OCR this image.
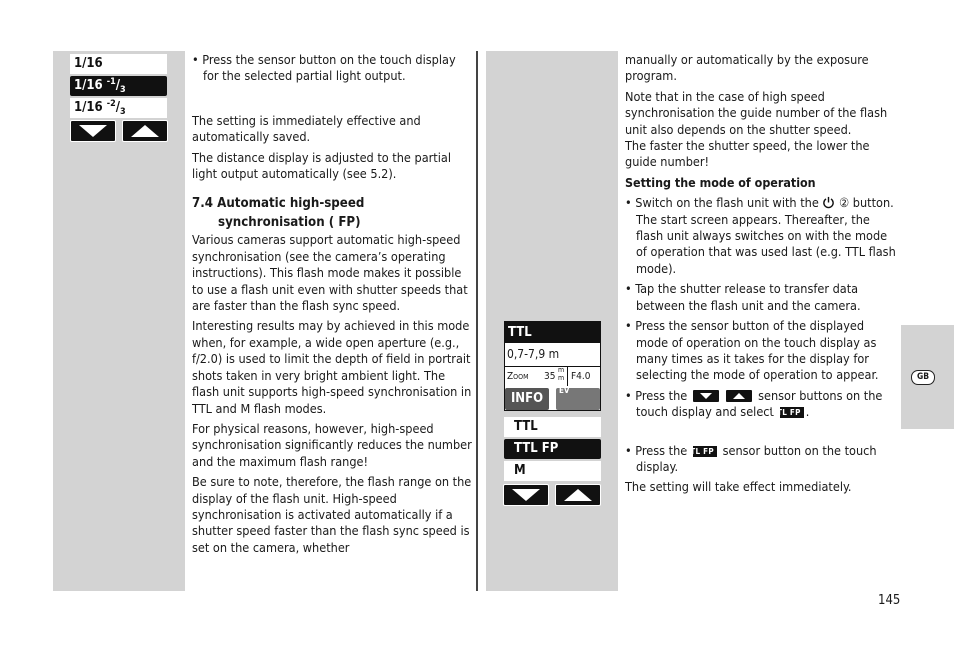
1/16
1/16 $^{-1}/_3$
1/16 $^{-2}/_3$

• Press the sensor button on the touch display for the selected partial light output.

The setting is immediately effective and automatically saved.

The distance display is adjusted to the partial light output automatically (see 5.2).

7.4 Automatic high-speed
synchronisation ( FP)

Various cameras support automatic high-speed synchronisation (see the camera’s operating instructions). This flash mode makes it possible to use a flash unit even with shutter speeds that are faster than the flash sync speed.

Interesting results may by achieved in this mode when, for example, a wide open aperture (e.g., f/2.0) is used to limit the depth of field in portrait shots taken in very bright ambient light. The flash unit supports high-speed synchronisation in TTL and M flash modes.

For physical reasons, however, high-speed synchronisation significantly reduces the number and the maximum flash range!

Be sure to note, therefore, the flash range on the display of the flash unit. High-speed synchronisation is activated automatically if a shutter speed faster than the flash sync speed is set on the camera, whether

TTL
0,7-7,9 m
Zoom 35
m
m F4.0
INFO
EV
TTL
TTL FP
M

manually or automatically by the exposure program.

Note that in the case of high speed synchronisation the guide number of the flash unit also depends on the shutter speed.

The faster the shutter speed, the lower the guide number!

Setting the mode of operation

• Switch on the flash unit with the ② button. The start screen appears. Thereafter, the flash unit always switches on with the mode of operation that was used last (e.g. TTL flash mode).

• Tap the shutter release to transfer data between the flash unit and the camera.

• Press the sensor button of the displayed mode of operation on the touch display as many times as it takes for the display for selecting the mode of operation to appear.

• Press the
	sensor buttons on the touch display and select TTL FP .

• Press the TTL FP sensor button on the touch display.

The setting will take effect immediately.

GB
145
